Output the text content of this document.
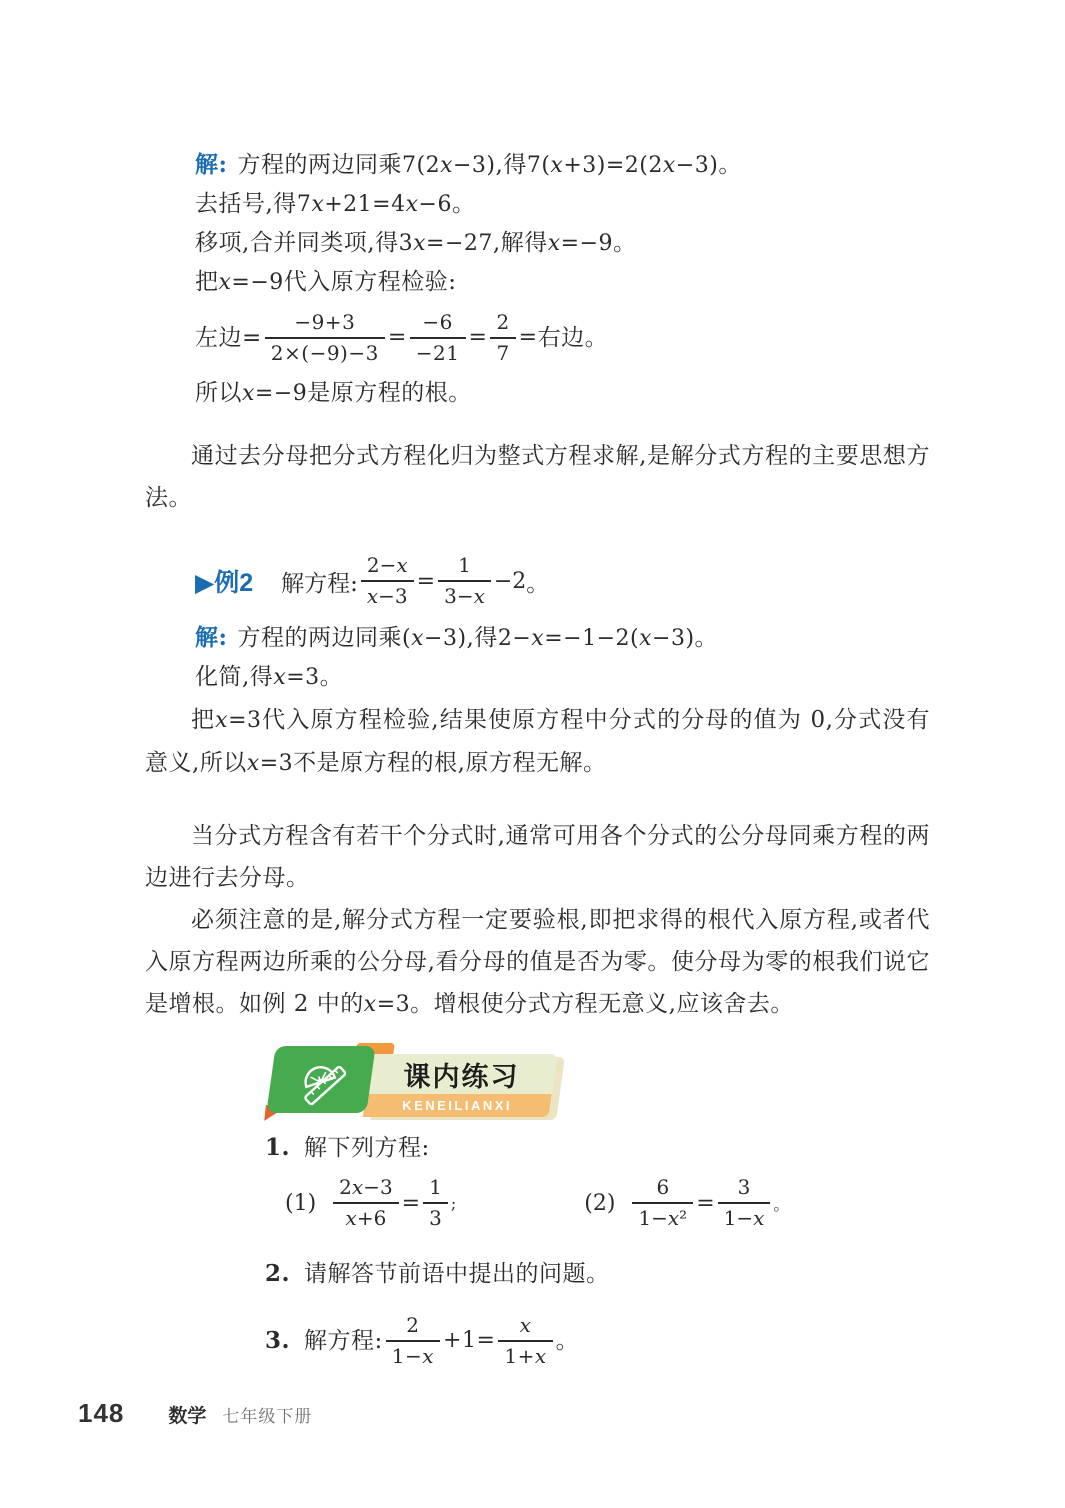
解: 方程的两边同乘7(2x−3),得7(x+3)=2(2x−3)。
去括号,得7x+21=4x−6。
移项,合并同类项,得3x=−27,解得x=−9。
把x=−9代入原方程检验:
左边= $\frac{-9+3}{2\times(-9)-3} = \frac{-6}{-21} = \frac{2}{7}$ = 右边。
所以x=−9是原方程的根。

通过去分母把分式方程化归为整式方程求解,是解分式方程的主要思想方法。

▶例2 解方程: $\frac{2-x}{x-3} = \frac{1}{3-x} -2$ 。
解: 方程的两边同乘(x−3),得2−x=−1−2(x−3)。
化简,得x=3。

把x=3代入原方程检验,结果使原方程中分式的分母的值为 0,分式没有意义,所以x=3不是原方程的根,原方程无解。

当分式方程含有若干个分式时,通常可用各个分式的公分母同乘方程的两边进行去分母。

必须注意的是,解分式方程一定要验根,即把求得的根代入原方程,或者代入原方程两边所乘的公分母,看分母的值是否为零。使分母为零的根我们说它是增根。如例 2 中的x=3。增根使分式方程无意义,应该舍去。

课内练习
KENEILIANXI
1. 解下列方程:
$(1) \frac{2x-3}{x+6} = \frac{1}{3}$ ;	$(2) \frac{6}{\text{1−x²}} = \frac{3}{1-x}$ 。
2. 请解答节前语中提出的问题。
3. 解方程: $\frac{2}{1-x} +1= \frac{x}{1+x}$ 。
148 数学 七年级下册
